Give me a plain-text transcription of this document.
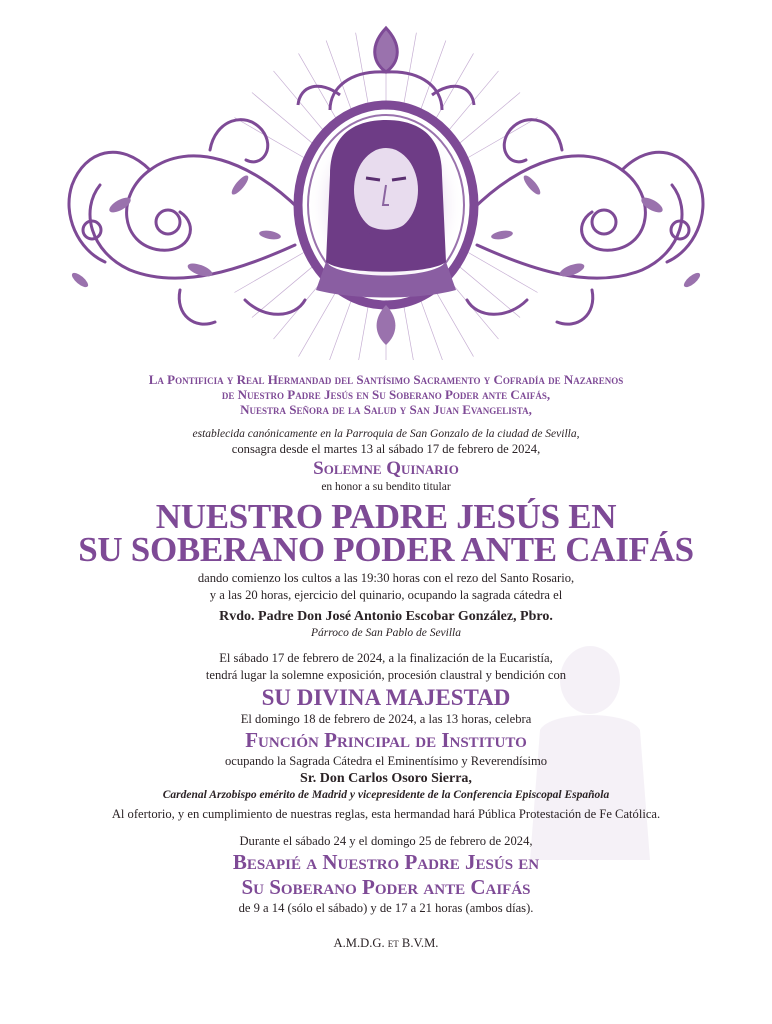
La Pontificia y Real Hermandad del Santísimo Sacramento y Cofradía de Nazarenos
de Nuestro Padre Jesús en Su Soberano Poder ante Caifás,
Nuestra Señora de la Salud y San Juan Evangelista,
establecida canónicamente en la Parroquia de San Gonzalo de la ciudad de Sevilla,
consagra desde el martes 13 al sábado 17 de febrero de 2024,
Solemne Quinario
en honor a su bendito titular
NUESTRO PADRE JESÚS EN
SU SOBERANO PODER ANTE CAIFÁS
dando comienzo los cultos a las 19:30 horas con el rezo del Santo Rosario,
y a las 20 horas, ejercicio del quinario, ocupando la sagrada cátedra el
Rvdo. Padre Don José Antonio Escobar González, Pbro.
Párroco de San Pablo de Sevilla
El sábado 17 de febrero de 2024, a la finalización de la Eucaristía,
tendrá lugar la solemne exposición, procesión claustral y bendición con
SU DIVINA MAJESTAD
El domingo 18 de febrero de 2024, a las 13 horas, celebra
Función Principal de Instituto
ocupando la Sagrada Cátedra el Eminentísimo y Reverendísimo
Sr. Don Carlos Osoro Sierra,
Cardenal Arzobispo emérito de Madrid y vicepresidente de la Conferencia Episcopal Española
Al ofertorio, y en cumplimiento de nuestras reglas, esta hermandad hará Pública Protestación de Fe Católica.
Durante el sábado 24 y el domingo 25 de febrero de 2024,
Besapié a Nuestro Padre Jesús en
Su Soberano Poder ante Caifás
de 9 a 14 (sólo el sábado) y de 17 a 21 horas (ambos días).
A.M.D.G. et B.V.M.
